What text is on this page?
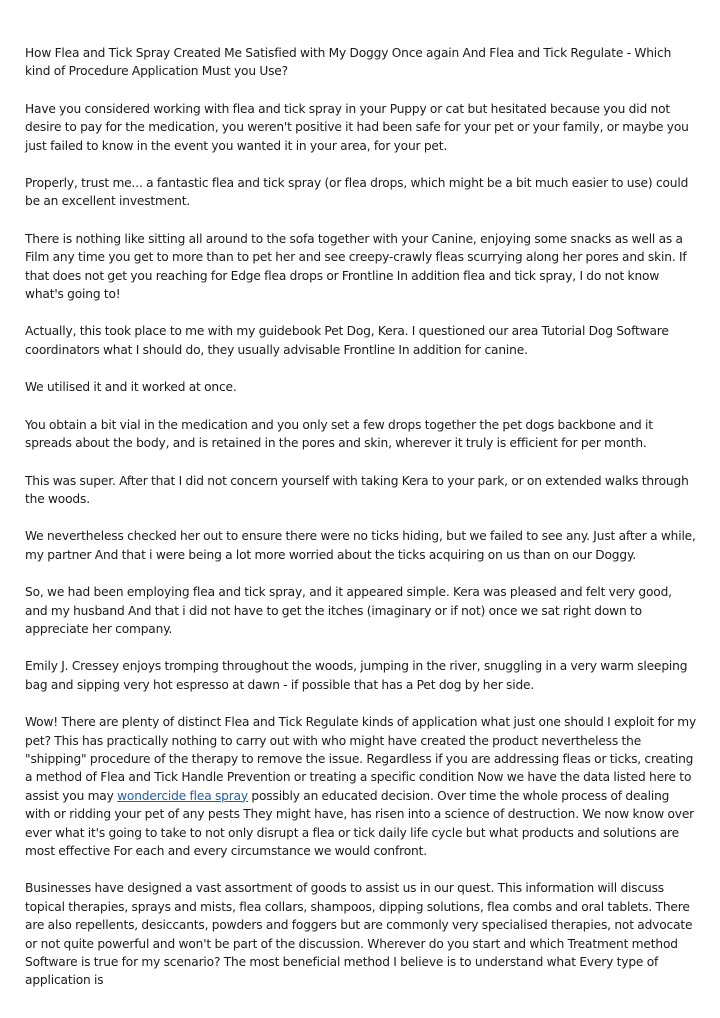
How Flea and Tick Spray Created Me Satisfied with My Doggy Once again And Flea and Tick Regulate - Which kind of Procedure Application Must you Use?

Have you considered working with flea and tick spray in your Puppy or cat but hesitated because you did not desire to pay for the medication, you weren't positive it had been safe for your pet or your family, or maybe you just failed to know in the event you wanted it in your area, for your pet.

Properly, trust me... a fantastic flea and tick spray (or flea drops, which might be a bit much easier to use) could be an excellent investment.

There is nothing like sitting all around to the sofa together with your Canine, enjoying some snacks as well as a Film any time you get to more than to pet her and see creepy-crawly fleas scurrying along her pores and skin. If that does not get you reaching for Edge flea drops or Frontline In addition flea and tick spray, I do not know what's going to!

Actually, this took place to me with my guidebook Pet Dog, Kera. I questioned our area Tutorial Dog Software coordinators what I should do, they usually advisable Frontline In addition for canine.

We utilised it and it worked at once.

You obtain a bit vial in the medication and you only set a few drops together the pet dogs backbone and it spreads about the body, and is retained in the pores and skin, wherever it truly is efficient for per month.

This was super. After that I did not concern yourself with taking Kera to your park, or on extended walks through the woods.

We nevertheless checked her out to ensure there were no ticks hiding, but we failed to see any. Just after a while, my partner And that i were being a lot more worried about the ticks acquiring on us than on our Doggy.

So, we had been employing flea and tick spray, and it appeared simple. Kera was pleased and felt very good, and my husband And that i did not have to get the itches (imaginary or if not) once we sat right down to appreciate her company.

Emily J. Cressey enjoys tromping throughout the woods, jumping in the river, snuggling in a very warm sleeping bag and sipping very hot espresso at dawn - if possible that has a Pet dog by her side.

Wow! There are plenty of distinct Flea and Tick Regulate kinds of application what just one should I exploit for my pet? This has practically nothing to carry out with who might have created the product nevertheless the "shipping" procedure of the therapy to remove the issue. Regardless if you are addressing fleas or ticks, creating a method of Flea and Tick Handle Prevention or treating a specific condition Now we have the data listed here to assist you may wondercide flea spray possibly an educated decision. Over time the whole process of dealing with or ridding your pet of any pests They might have, has risen into a science of destruction. We now know over ever what it's going to take to not only disrupt a flea or tick daily life cycle but what products and solutions are most effective For each and every circumstance we would confront.

Businesses have designed a vast assortment of goods to assist us in our quest. This information will discuss topical therapies, sprays and mists, flea collars, shampoos, dipping solutions, flea combs and oral tablets. There are also repellents, desiccants, powders and foggers but are commonly very specialised therapies, not advocate or not quite powerful and won't be part of the discussion. Wherever do you start and which Treatment method Software is true for my scenario? The most beneficial method I believe is to understand what Every type of application is
